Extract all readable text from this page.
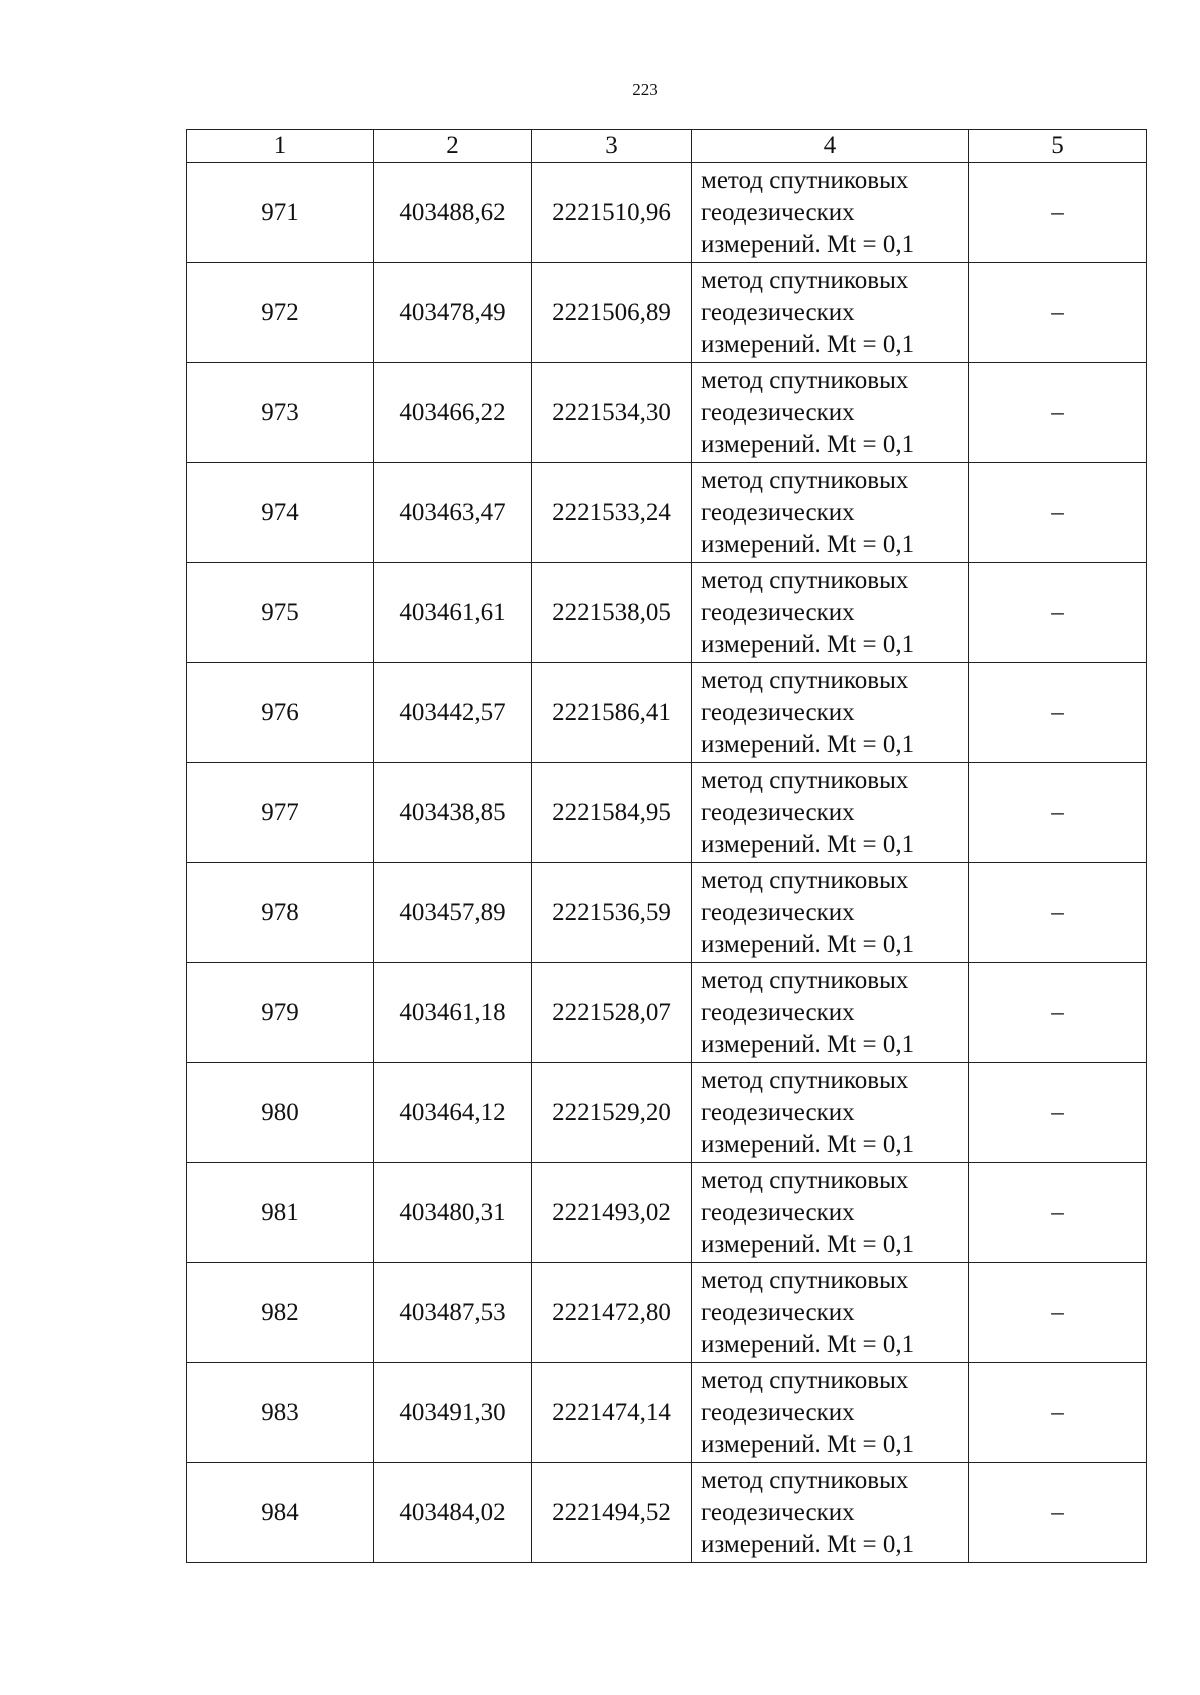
223
1	2	3	4	5
971	403488,62	2221510,96	метод спутниковых
геодезических
измерений. Mt = 0,1	–
972	403478,49	2221506,89	метод спутниковых
геодезических
измерений. Mt = 0,1	–
973	403466,22	2221534,30	метод спутниковых
геодезических
измерений. Mt = 0,1	–
974	403463,47	2221533,24	метод спутниковых
геодезических
измерений. Mt = 0,1	–
975	403461,61	2221538,05	метод спутниковых
геодезических
измерений. Mt = 0,1	–
976	403442,57	2221586,41	метод спутниковых
геодезических
измерений. Mt = 0,1	–
977	403438,85	2221584,95	метод спутниковых
геодезических
измерений. Mt = 0,1	–
978	403457,89	2221536,59	метод спутниковых
геодезических
измерений. Mt = 0,1	–
979	403461,18	2221528,07	метод спутниковых
геодезических
измерений. Mt = 0,1	–
980	403464,12	2221529,20	метод спутниковых
геодезических
измерений. Mt = 0,1	–
981	403480,31	2221493,02	метод спутниковых
геодезических
измерений. Mt = 0,1	–
982	403487,53	2221472,80	метод спутниковых
геодезических
измерений. Mt = 0,1	–
983	403491,30	2221474,14	метод спутниковых
геодезических
измерений. Mt = 0,1	–
984	403484,02	2221494,52	метод спутниковых
геодезических
измерений. Mt = 0,1	–
